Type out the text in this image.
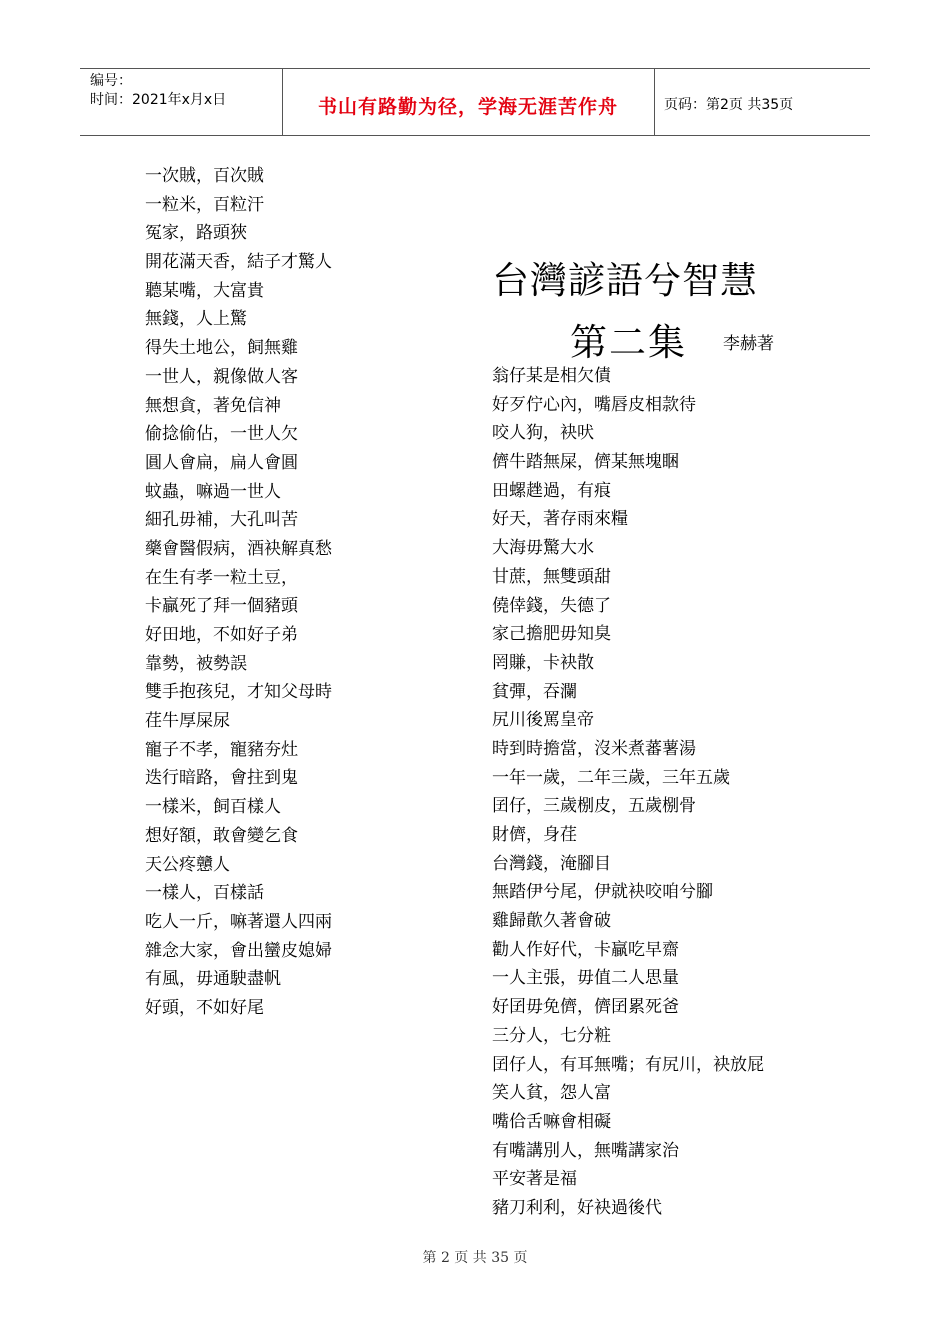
编号：
时间：2021年x月x日	书山有路勤为径，学海无涯苦作舟	页码：第2页 共35页
一次賊，百次賊
一粒米，百粒汗
冤家，路頭狹
開花滿天香，結子才驚人
聽某嘴，大富貴
無錢，人上驚
得失土地公，飼無雞
一世人，親像做人客
無想貪，著免信神
偷捻偷佔，一世人欠
圓人會扁，扁人會圓
蚊蟲，嘛過一世人
細孔毋補，大孔叫苦
藥會醫假病，酒袂解真愁
在生有孝一粒土豆，
卡贏死了拜一個豬頭
好田地，不如好子弟
靠勢，被勢誤
雙手抱孩兒，才知父母時
荏牛厚屎尿
寵子不孝，寵豬夯灶
迭行暗路，會拄到鬼
一樣米，飼百樣人
想好額，敢會變乞食
天公疼戇人
一樣人，百樣話
吃人一斤，嘛著還人四兩
雜念大家，會出蠻皮媳婦
有風，毋通駛盡帆
好頭，不如好尾
台灣諺語兮智慧
第二集 李赫著
翁仔某是相欠債
好歹佇心內，嘴唇皮相款待
咬人狗，袂吠
儕牛踏無屎，儕某無塊睏
田螺趖過，有痕
好天，著存雨來糧
大海毋驚大水
甘蔗，無雙頭甜
僥倖錢，失德了
家己擔肥毋知臭
罔賺，卡袂散
貧彈，吞瀾
尻川後罵皇帝
時到時擔當，沒米煮蕃薯湯
一年一歲，二年三歲，三年五歲
囝仔，三歲㭭皮，五歲㭭骨
財儕，身荏
台灣錢，淹腳目
無踏伊兮尾，伊就袂咬咱兮腳
雞歸歕久著會破
勸人作好代，卡贏吃早齋
一人主張，毋值二人思量
好囝毋免儕，儕囝累死爸
三分人，七分粧
囝仔人，有耳無嘴；有尻川，袂放屁
笑人貧，怨人富
嘴佮舌嘛會相礙
有嘴講別人，無嘴講家治
平安著是福
豬刀利利，好袂過後代
第 2 页 共 35 页
